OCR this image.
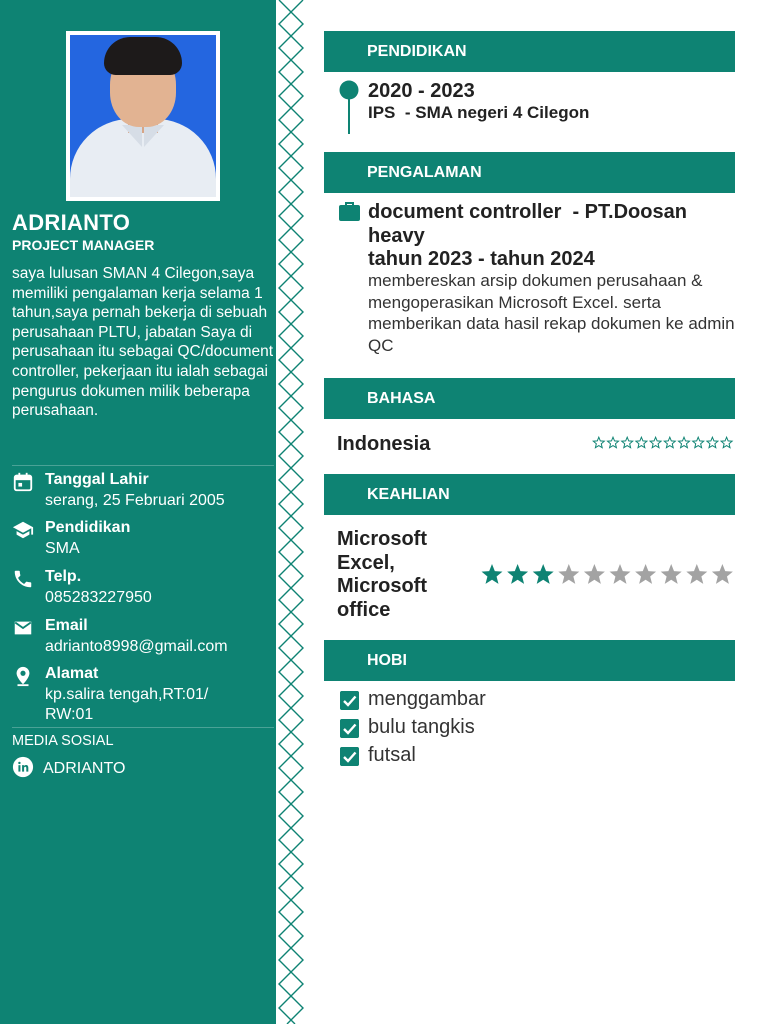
ADRIANTO
PROJECT MANAGER
saya lulusan SMAN 4 Cilegon,saya memiliki pengalaman kerja selama 1 tahun,saya pernah bekerja di sebuah perusahaan PLTU, jabatan Saya di perusahaan itu sebagai QC/document controller, pekerjaan itu ialah sebagai pengurus dokumen milik beberapa perusahaan.
Tanggal Lahir
serang, 25 Februari 2005
Pendidikan
SMA
Telp.
085283227950
Email
adrianto8998@gmail.com
Alamat
kp.salira tengah,RT:01/ RW:01
MEDIA SOSIAL
ADRIANTO
PENDIDIKAN
2020 - 2023
IPS  - SMA negeri 4 Cilegon
PENGALAMAN
document controller  - PT.Doosan heavy
tahun 2023 - tahun 2024
membereskan arsip dokumen perusahaan & mengoperasikan Microsoft Excel. serta memberikan data hasil rekap dokumen ke admin QC
BAHASA
Indonesia
KEAHLIAN
Microsoft Excel, Microsoft office
HOBI
menggambar
bulu tangkis
futsal
